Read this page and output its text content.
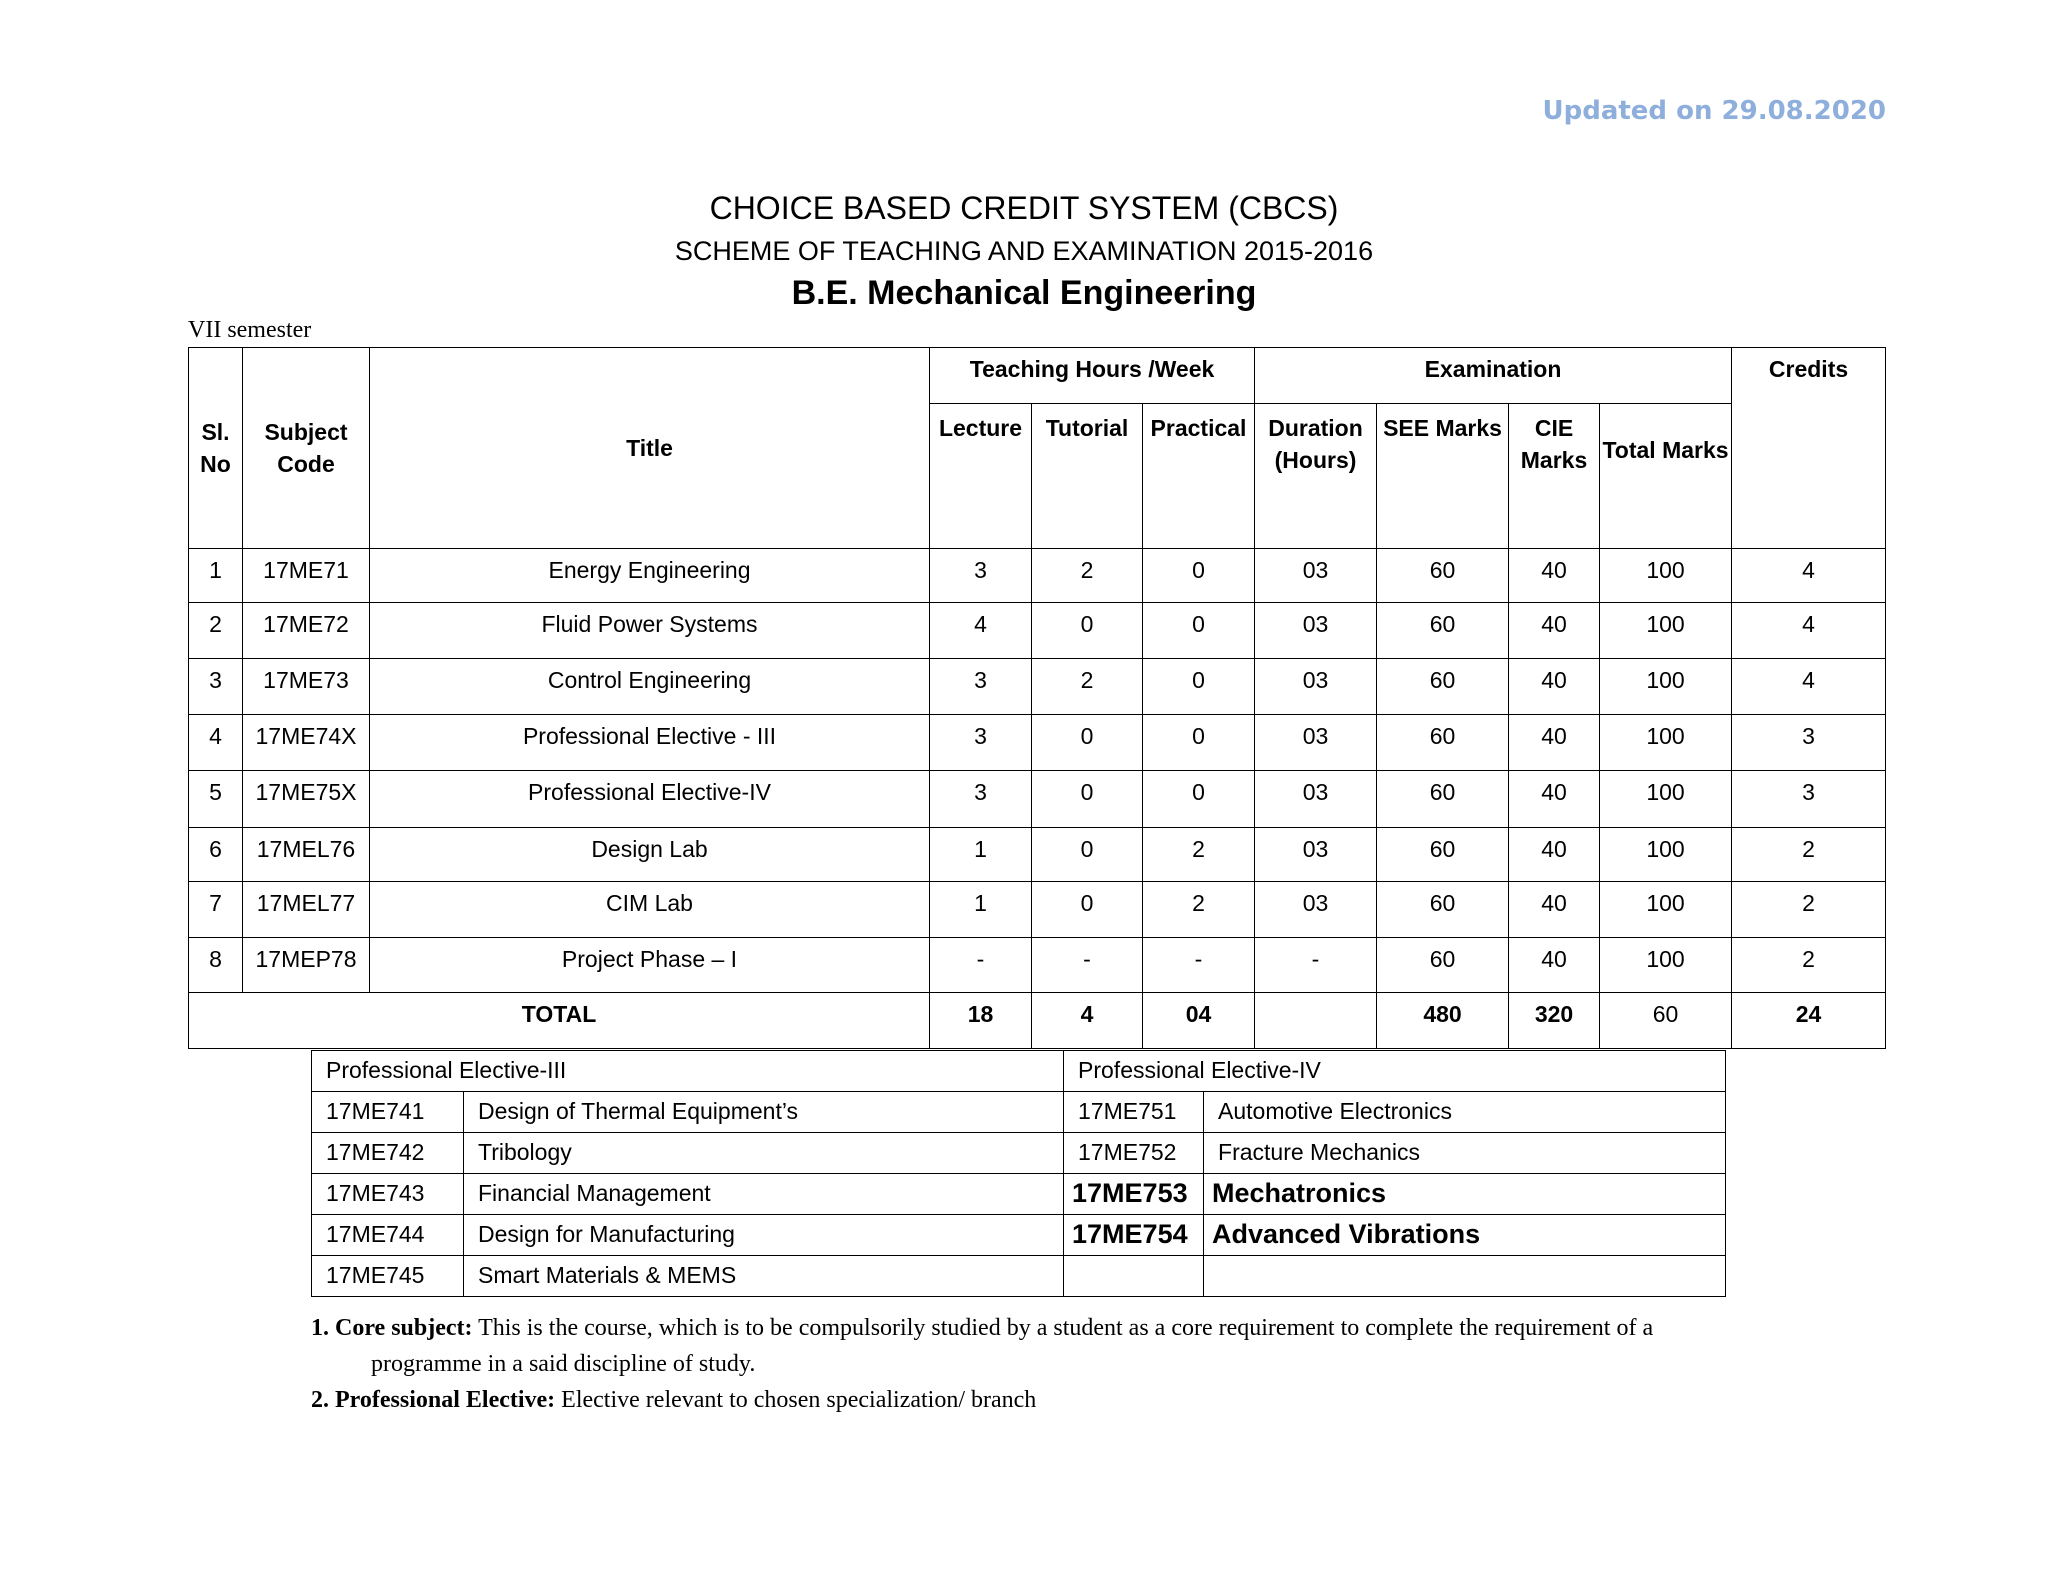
Updated on 29.08.2020
CHOICE BASED CREDIT SYSTEM (CBCS)
SCHEME OF TEACHING AND EXAMINATION 2015-2016
B.E. Mechanical Engineering
VII semester
Sl. No	Subject Code	Title	Teaching Hours /Week			Examination				Credits
			Lecture	Tutorial	Practical	Duration (Hours)	SEE Marks	CIE Marks	Total Marks	
1	17ME71	Energy Engineering	3	2	0	03	60	40	100	4
2	17ME72	Fluid Power Systems	4	0	0	03	60	40	100	4
3	17ME73	Control Engineering	3	2	0	03	60	40	100	4
4	17ME74X	Professional Elective - III	3	0	0	03	60	40	100	3
5	17ME75X	Professional Elective-IV	3	0	0	03	60	40	100	3
6	17MEL76	Design Lab	1	0	2	03	60	40	100	2
7	17MEL77	CIM Lab	1	0	2	03	60	40	100	2
8	17MEP78	Project Phase – I	-	-	-	-	60	40	100	2
TOTAL			18	4	04		480	320	60	24
Professional Elective-III		Professional Elective-IV	
17ME741	Design of Thermal Equipment’s	17ME751	Automotive Electronics
17ME742	Tribology	17ME752	Fracture Mechanics
17ME743	Financial Management	17ME753	Mechatronics
17ME744	Design for Manufacturing	17ME754	Advanced Vibrations
17ME745	Smart Materials & MEMS		
1. Core subject: This is the course, which is to be compulsorily studied by a student as a core requirement to complete the requirement of a
programme in a said discipline of study.
2. Professional Elective: Elective relevant to chosen specialization/ branch
